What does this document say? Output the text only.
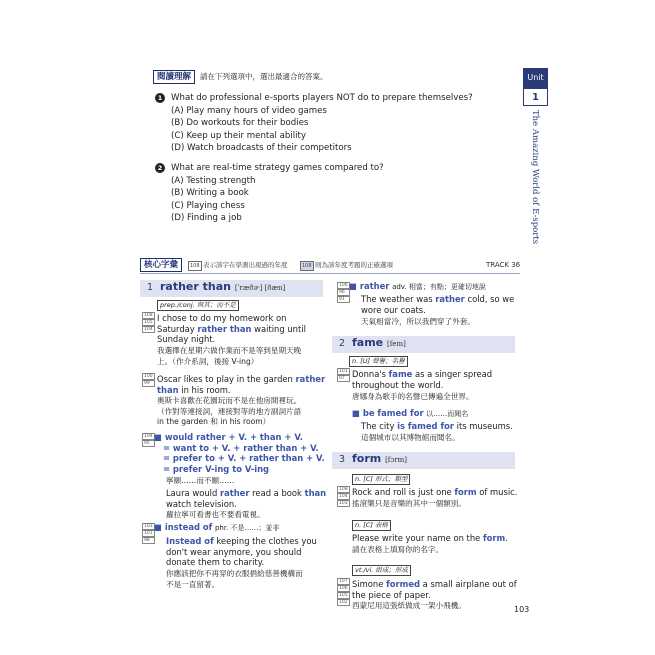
閱讀理解	請在下列選項中，選出最適合的答案。
1	What do professional e-sports players NOT do to prepare themselves?
(A) Play many hours of video games
(B) Do workouts for their bodies
(C) Keep up their mental ability
(D) Watch broadcasts of their competitors
2	What are real-time strategy games compared to?
(A) Testing strength
(B) Writing a book
(C) Playing chess
(D) Finding a job
Unit
1
The Amazing World of E-sports
核心字彙	108 表示該字在學測出現過的年度	108 則為該年度考題的正確選項	TRACK 36
1 rather than [ˈræðɚ] [ðæn]
prep./conj. 與其；而不是
108
105
104
I chose to do my homework on
Saturday rather than waiting until
Sunday night.
我選擇在星期六做作業而不是等到星期天晚
上。（作介系詞，後接 V-ing）
100
99 Oscar likes to play in the garden rather
than in his room.
奧斯卡喜歡在花園玩而不是在他房間裡玩。
（作對等連接詞，連接對等的地方副詞片語
in the garden 和 in his room）
104
95
■ would rather + V. + than + V.
= want to + V. + rather than + V.
= prefer to + V. + rather than + V.
= prefer V-ing to V-ing
寧願……而不願……
Laura would rather read a book than
watch television.
蘿拉寧可看書也不要看電視。
103
101
98
■ instead of phr. 不是……；並非
Instead of keeping the clothes you
don't wear anymore, you should
donate them to charity.
你應該把你不再穿的衣服捐給慈善機構而
不是一直留著。
106
96
91
■ rather adv. 相當；有點；更確切地說
The weather was rather cold, so we
wore our coats.
天氣相當冷，所以我們穿了外套。
2 fame [fem]
n. [U] 聲譽；名譽
101
97 Donna's fame as a singer spread
throughout the world.
唐娜身為歌手的名聲已傳遍全世界。
■ be famed for 以……而聞名
The city is famed for its museums.
這個城市以其博物館而聞名。
3 form [fɔrm]
n. [C] 形式；類型
108
104
103
Rock and roll is just one form of music.
搖滾樂只是音樂的其中一個類別。
n. [C] 表格
Please write your name on the form.
請在表格上填寫你的名字。
vt./vi. 組成；形成
107
106
105
102
Simone formed a small airplane out of
the piece of paper.
西蒙尼用這張紙做成一架小飛機。	103
